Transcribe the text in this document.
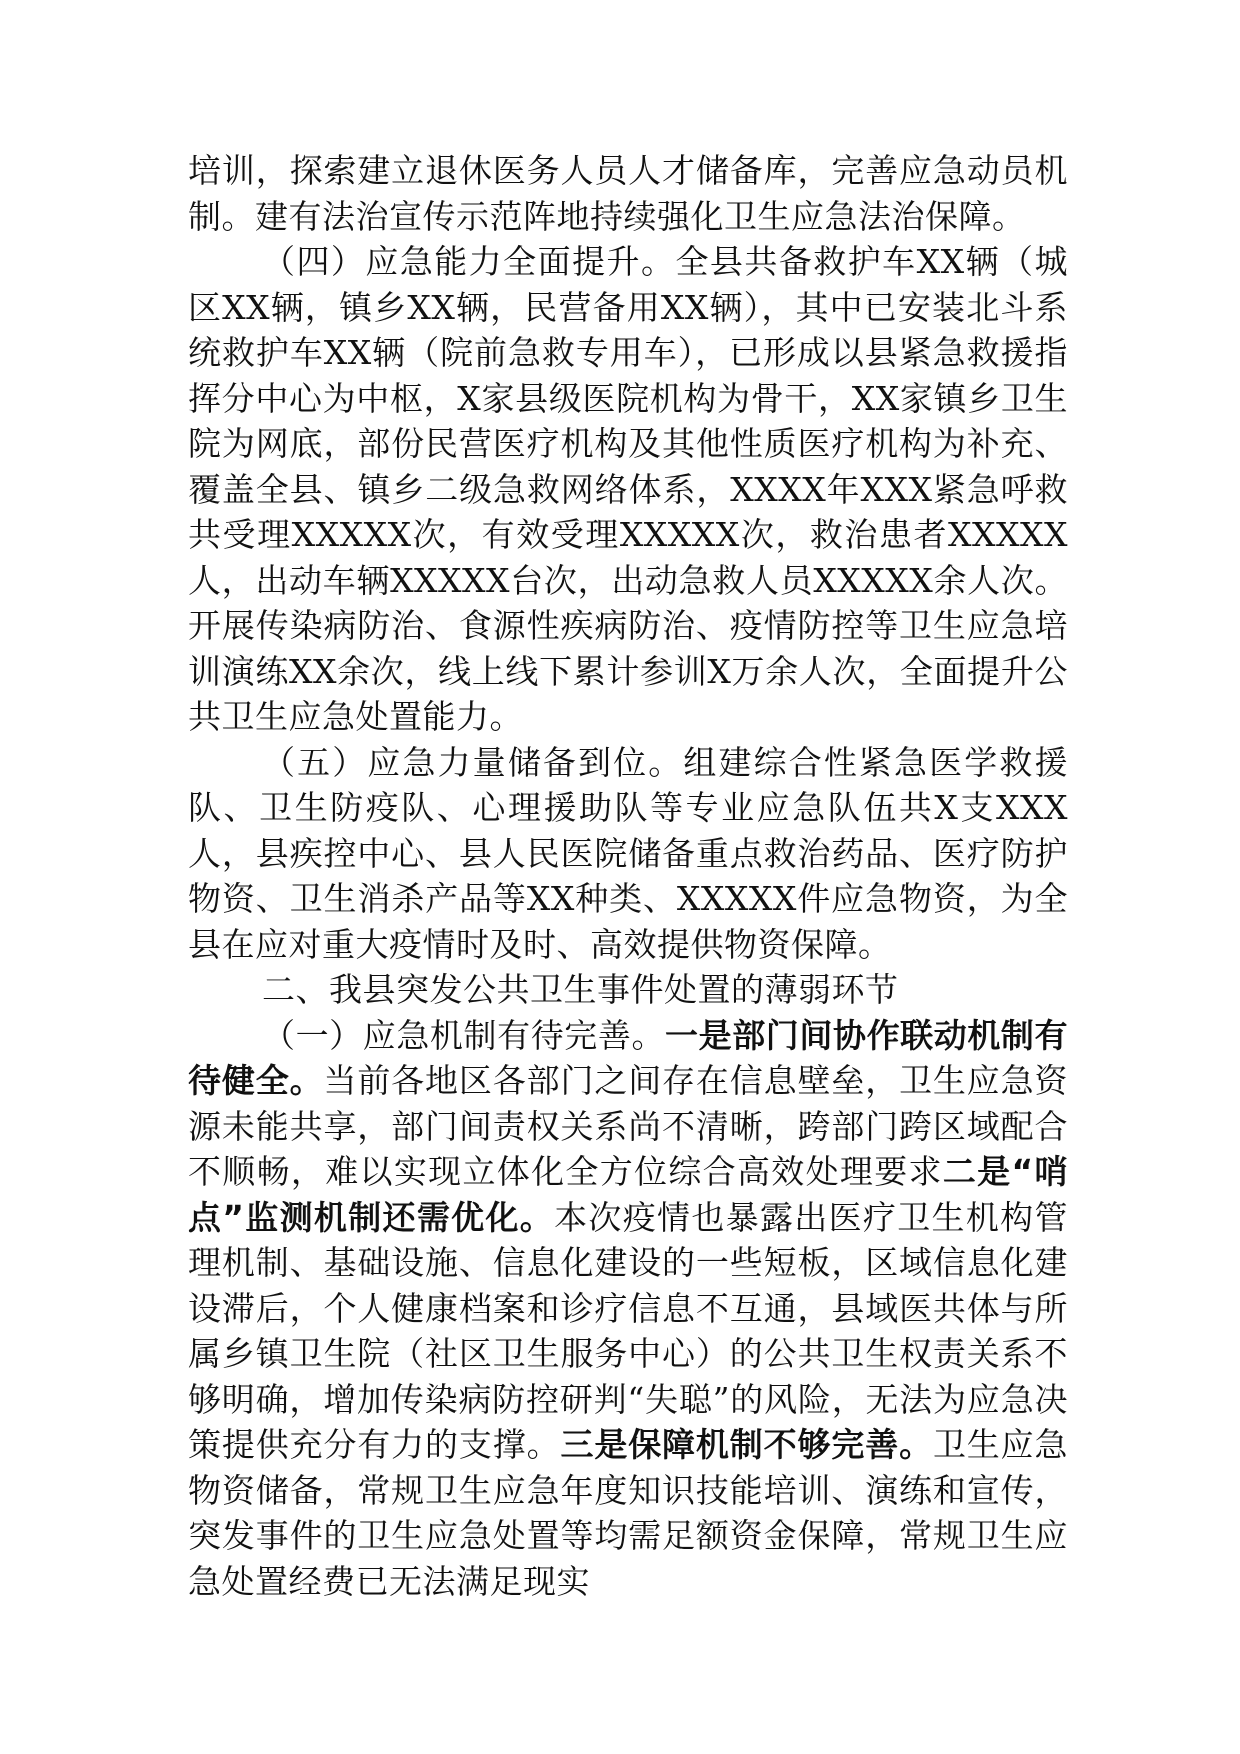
培训，探索建立退休医务人员人才储备库，完善应急动员机制。建有法治宣传示范阵地持续强化卫生应急法治保障。

（四）应急能力全面提升。全县共备救护车XX辆（城区XX辆，镇乡XX辆，民营备用XX辆），其中已安装北斗系统救护车XX辆（院前急救专用车），已形成以县紧急救援指挥分中心为中枢，X家县级医院机构为骨干，XX家镇乡卫生院为网底，部份民营医疗机构及其他性质医疗机构为补充、覆盖全县、镇乡二级急救网络体系，XXXX年XXX紧急呼救共受理XXXXX次，有效受理XXXXX次，救治患者XXXXX人，出动车辆XXXXX台次，出动急救人员XXXXX余人次。开展传染病防治、食源性疾病防治、疫情防控等卫生应急培训演练XX余次，线上线下累计参训X万余人次，全面提升公共卫生应急处置能力。

（五）应急力量储备到位。组建综合性紧急医学救援队、卫生防疫队、心理援助队等专业应急队伍共X支XXX人，县疾控中心、县人民医院储备重点救治药品、医疗防护物资、卫生消杀产品等XX种类、XXXXX件应急物资，为全县在应对重大疫情时及时、高效提供物资保障。

二、我县突发公共卫生事件处置的薄弱环节

（一）应急机制有待完善。一是部门间协作联动机制有待健全。当前各地区各部门之间存在信息壁垒，卫生应急资源未能共享，部门间责权关系尚不清晰，跨部门跨区域配合不顺畅，难以实现立体化全方位综合高效处理要求二是“哨点”监测机制还需优化。本次疫情也暴露出医疗卫生机构管理机制、基础设施、信息化建设的一些短板，区域信息化建设滞后，个人健康档案和诊疗信息不互通，县域医共体与所属乡镇卫生院（社区卫生服务中心）的公共卫生权责关系不够明确，增加传染病防控研判“失聪”的风险，无法为应急决策提供充分有力的支撑。三是保障机制不够完善。卫生应急物资储备，常规卫生应急年度知识技能培训、演练和宣传，突发事件的卫生应急处置等均需足额资金保障，常规卫生应急处置经费已无法满足现实
